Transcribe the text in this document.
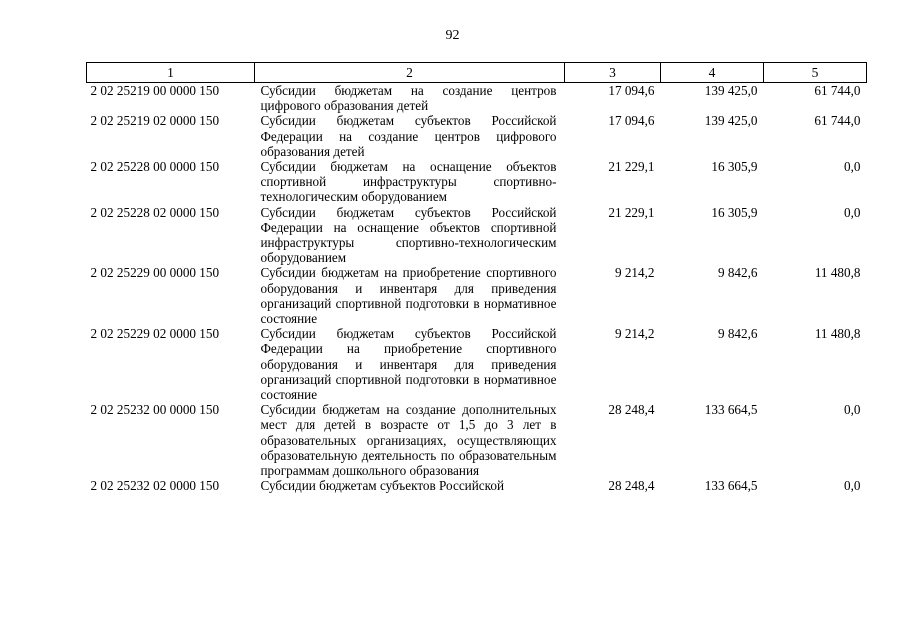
92
1	2	3	4	5
2 02 25219 00 0000 150	Субсидии бюджетам на создание центров цифрового образования детей	17 094,6	139 425,0	61 744,0
2 02 25219 02 0000 150	Субсидии бюджетам субъектов Российской Федерации на создание центров цифрового образования детей	17 094,6	139 425,0	61 744,0
2 02 25228 00 0000 150	Субсидии бюджетам на оснащение объектов спортивной инфраструктуры спортивно-технологическим оборудованием	21 229,1	16 305,9	0,0
2 02 25228 02 0000 150	Субсидии бюджетам субъектов Российской Федерации на оснащение объектов спортивной инфраструктуры спортивно-технологическим оборудованием	21 229,1	16 305,9	0,0
2 02 25229 00 0000 150	Субсидии бюджетам на приобретение спортивного оборудования и инвентаря для приведения организаций спортивной подготовки в нормативное состояние	9 214,2	9 842,6	11 480,8
2 02 25229 02 0000 150	Субсидии бюджетам субъектов Российской Федерации на приобретение спортивного оборудования и инвентаря для приведения организаций спортивной подготовки в нормативное состояние	9 214,2	9 842,6	11 480,8
2 02 25232 00 0000 150	Субсидии бюджетам на создание дополнительных мест для детей в возрасте от 1,5 до 3 лет в образовательных организациях, осуществляющих образовательную деятельность по образовательным программам дошкольного образования	28 248,4	133 664,5	0,0
2 02 25232 02 0000 150	Субсидии бюджетам субъектов Российской	28 248,4	133 664,5	0,0
